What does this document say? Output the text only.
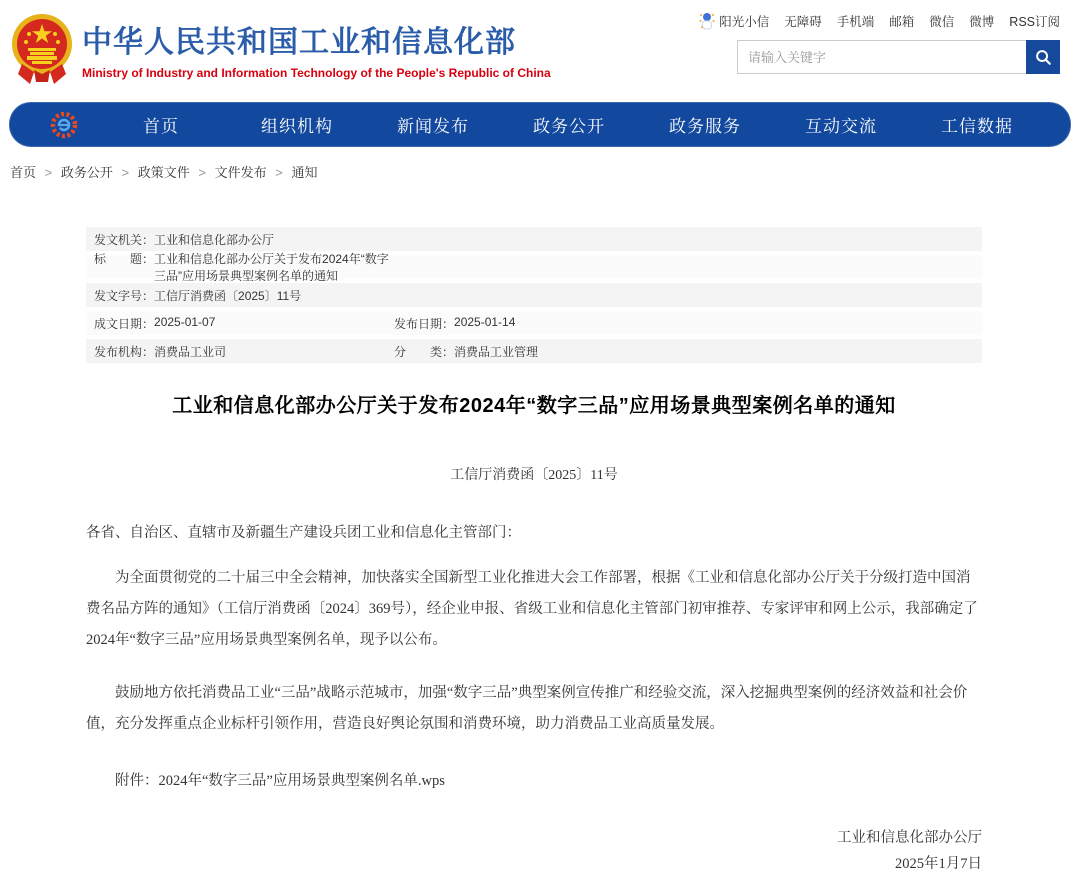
中华人民共和国工业和信息化部
Ministry of Industry and Information Technology of the People's Republic of China
阳光小信 无障碍 手机端 邮箱 微信 微博 RSS订阅
请输入关键字
首页	组织机构	新闻发布	政务公开	政务服务	互动交流	工信数据
首页 > 政务公开 > 政策文件 > 文件发布 > 通知
发文机关： 工业和信息化部办公厅
标　　题： 工业和信息化部办公厅关于发布2024年“数字三品”应用场景典型案例名单的通知
发文字号： 工信厅消费函〔2025〕11号
成文日期： 2025-01-07	发布日期： 2025-01-14
发布机构： 消费品工业司	分　　类： 消费品工业管理
工业和信息化部办公厅关于发布2024年“数字三品”应用场景典型案例名单的通知
工信厅消费函〔2025〕11号

各省、自治区、直辖市及新疆生产建设兵团工业和信息化主管部门：

为全面贯彻党的二十届三中全会精神，加快落实全国新型工业化推进大会工作部署，根据《工业和信息化部办公厅关于分级打造中国消费名品方阵的通知》（工信厅消费函〔2024〕369号），经企业申报、省级工业和信息化主管部门初审推荐、专家评审和网上公示，我部确定了2024年“数字三品”应用场景典型案例名单，现予以公布。

鼓励地方依托消费品工业“三品”战略示范城市，加强“数字三品”典型案例宣传推广和经验交流，深入挖掘典型案例的经济效益和社会价值，充分发挥重点企业标杆引领作用，营造良好舆论氛围和消费环境，助力消费品工业高质量发展。

附件：2024年“数字三品”应用场景典型案例名单.wps

工业和信息化部办公厅
2025年1月7日
